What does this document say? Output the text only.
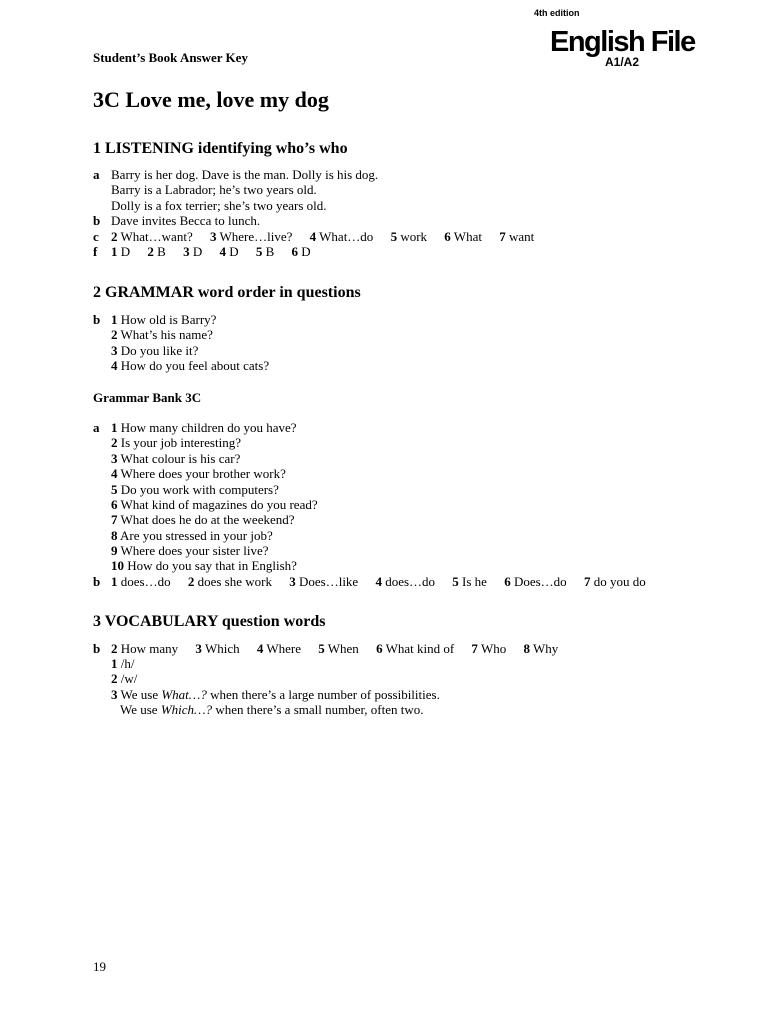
4th edition
English File
A1/A2
Student’s Book Answer Key
3C Love me, love my dog
1 LISTENING identifying who’s who
a Barry is her dog. Dave is the man. Dolly is his dog.
Barry is a Labrador; he’s two years old.
Dolly is a fox terrier; she’s two years old.
b Dave invites Becca to lunch.
c 2 What…want? 3 Where…live? 4 What…do 5 work 6 What 7 want
f 1 D 2 B 3 D 4 D 5 B 6 D
2 GRAMMAR word order in questions
b 1 How old is Barry?
2 What’s his name?
3 Do you like it?
4 How do you feel about cats?
Grammar Bank 3C
a 1 How many children do you have?
2 Is your job interesting?
3 What colour is his car?
4 Where does your brother work?
5 Do you work with computers?
6 What kind of magazines do you read?
7 What does he do at the weekend?
8 Are you stressed in your job?
9 Where does your sister live?
10 How do you say that in English?
b 1 does…do 2 does she work 3 Does…like 4 does…do 5 Is he 6 Does…do 7 do you do
3 VOCABULARY question words
b 2 How many 3 Which 4 Where 5 When 6 What kind of 7 Who 8 Why
1 /h/
2 /w/
3 We use What…? when there’s a large number of possibilities.
We use Which…? when there’s a small number, often two.
19
